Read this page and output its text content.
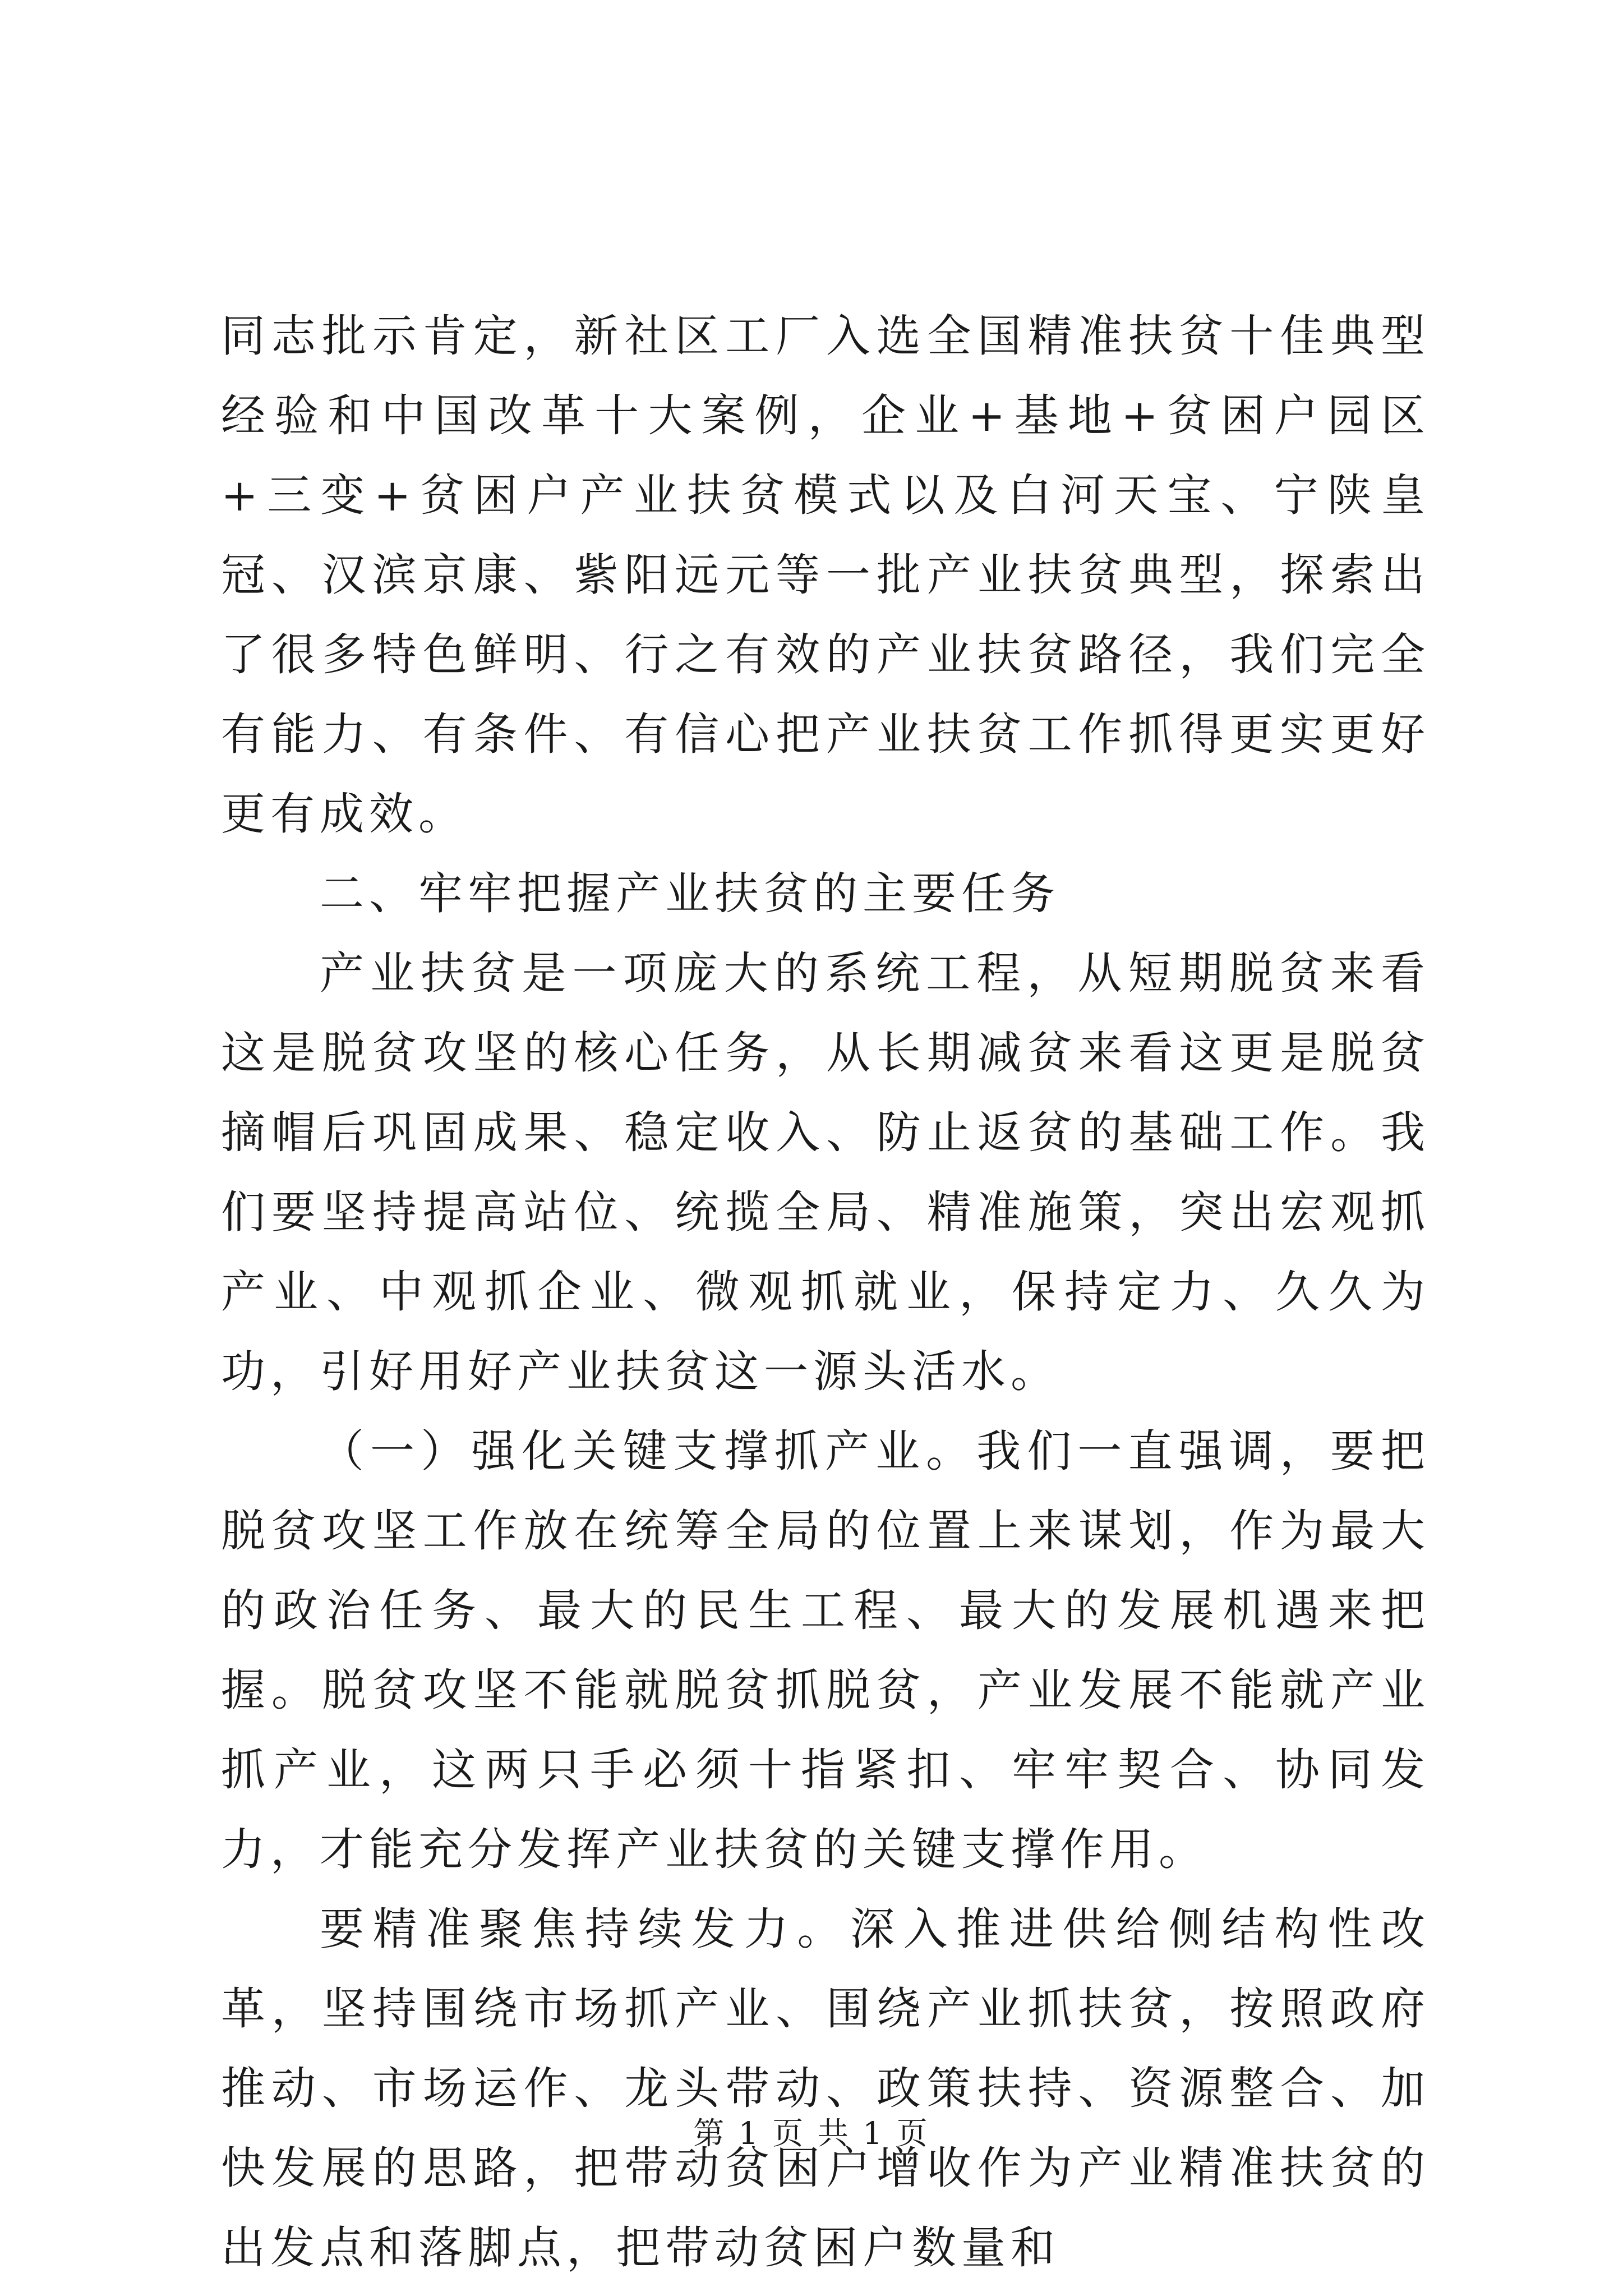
同志批示肯定，新社区工厂入选全国精准扶贫十佳典型经验和中国改革十大案例，企业+基地+贫困户园区+三变+贫困户产业扶贫模式以及白河天宝、宁陕皇冠、汉滨京康、紫阳远元等一批产业扶贫典型，探索出了很多特色鲜明、行之有效的产业扶贫路径，我们完全有能力、有条件、有信心把产业扶贫工作抓得更实更好更有成效。

二、牢牢把握产业扶贫的主要任务

产业扶贫是一项庞大的系统工程，从短期脱贫来看这是脱贫攻坚的核心任务，从长期减贫来看这更是脱贫摘帽后巩固成果、稳定收入、防止返贫的基础工作。我们要坚持提高站位、统揽全局、精准施策，突出宏观抓产业、中观抓企业、微观抓就业，保持定力、久久为功，引好用好产业扶贫这一源头活水。

（一）强化关键支撑抓产业。我们一直强调，要把脱贫攻坚工作放在统筹全局的位置上来谋划，作为最大的政治任务、最大的民生工程、最大的发展机遇来把握。脱贫攻坚不能就脱贫抓脱贫，产业发展不能就产业抓产业，这两只手必须十指紧扣、牢牢契合、协同发力，才能充分发挥产业扶贫的关键支撑作用。

要精准聚焦持续发力。深入推进供给侧结构性改革，坚持围绕市场抓产业、围绕产业抓扶贫，按照政府推动、市场运作、龙头带动、政策扶持、资源整合、加快发展的思路，把带动贫困户增收作为产业精准扶贫的出发点和落脚点，把带动贫困户数量和

第 1 页 共 1 页
